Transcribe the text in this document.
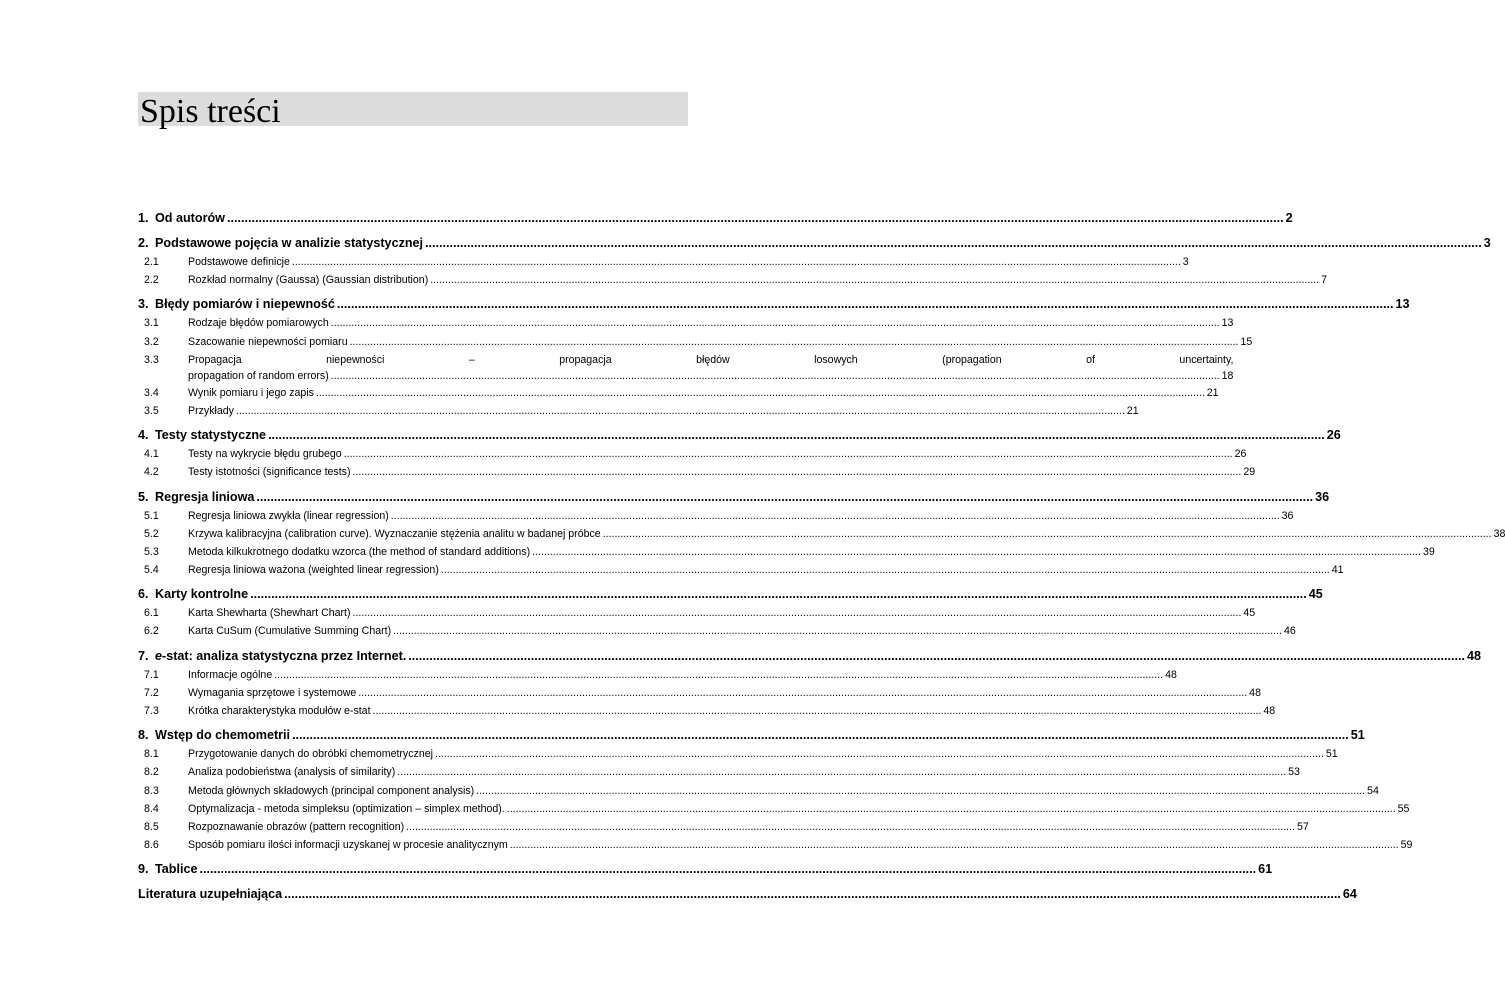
Spis treści
1. Od autorów .....	2
2. Podstawowe pojęcia w analizie statystycznej .....	3
2.1	Podstawowe definicje .....	3
2.2	Rozkład normalny (Gaussa) (Gaussian distribution) .....	7
3. Błędy pomiarów i niepewność .....	13
3.1	Rodzaje błędów pomiarowych .....	13
3.2	Szacowanie niepewności pomiaru .....	15
3.3	Propagacja niepewności – propagacja błędów losowych (propagation of uncertainty,
propagation of random errors) .....	18
3.4	Wynik pomiaru i jego zapis .....	21
3.5	Przykłady .....	21
4. Testy statystyczne .....	26
4.1	Testy na wykrycie błędu grubego .....	26
4.2	Testy istotności (significance tests) .....	29
5. Regresja liniowa .....	36
5.1	Regresja liniowa zwykła (linear regression) .....	36
5.2	Krzywa kalibracyjna (calibration curve). Wyznaczanie stężenia analitu w badanej próbce .....	38
5.3	Metoda kilkukrotnego dodatku wzorca (the method of standard additions) .....	39
5.4	Regresja liniowa ważona (weighted linear regression) .....	41
6. Karty kontrolne .....	45
6.1	Karta Shewharta (Shewhart Chart) .....	45
6.2	Karta CuSum (Cumulative Summing Chart) .....	46
7. e-stat: analiza statystyczna przez Internet. .....	48
7.1	Informacje ogólne .....	48
7.2	Wymagania sprzętowe i systemowe .....	48
7.3	Krótka charakterystyka modułów e-stat .....	48
8. Wstęp do chemometrii .....	51
8.1	Przygotowanie danych do obróbki chemometrycznej .....	51
8.2	Analiza podobieństwa (analysis of similarity) .....	53
8.3	Metoda głównych składowych (principal component analysis) .....	54
8.4	Optymalizacja - metoda simpleksu (optimization – simplex method). .....	55
8.5	Rozpoznawanie obrazów (pattern recognition) .....	57
8.6	Sposób pomiaru ilości informacji uzyskanej w procesie analitycznym .....	59
9. Tablice .....	61
Literatura uzupełniająca .....	64
